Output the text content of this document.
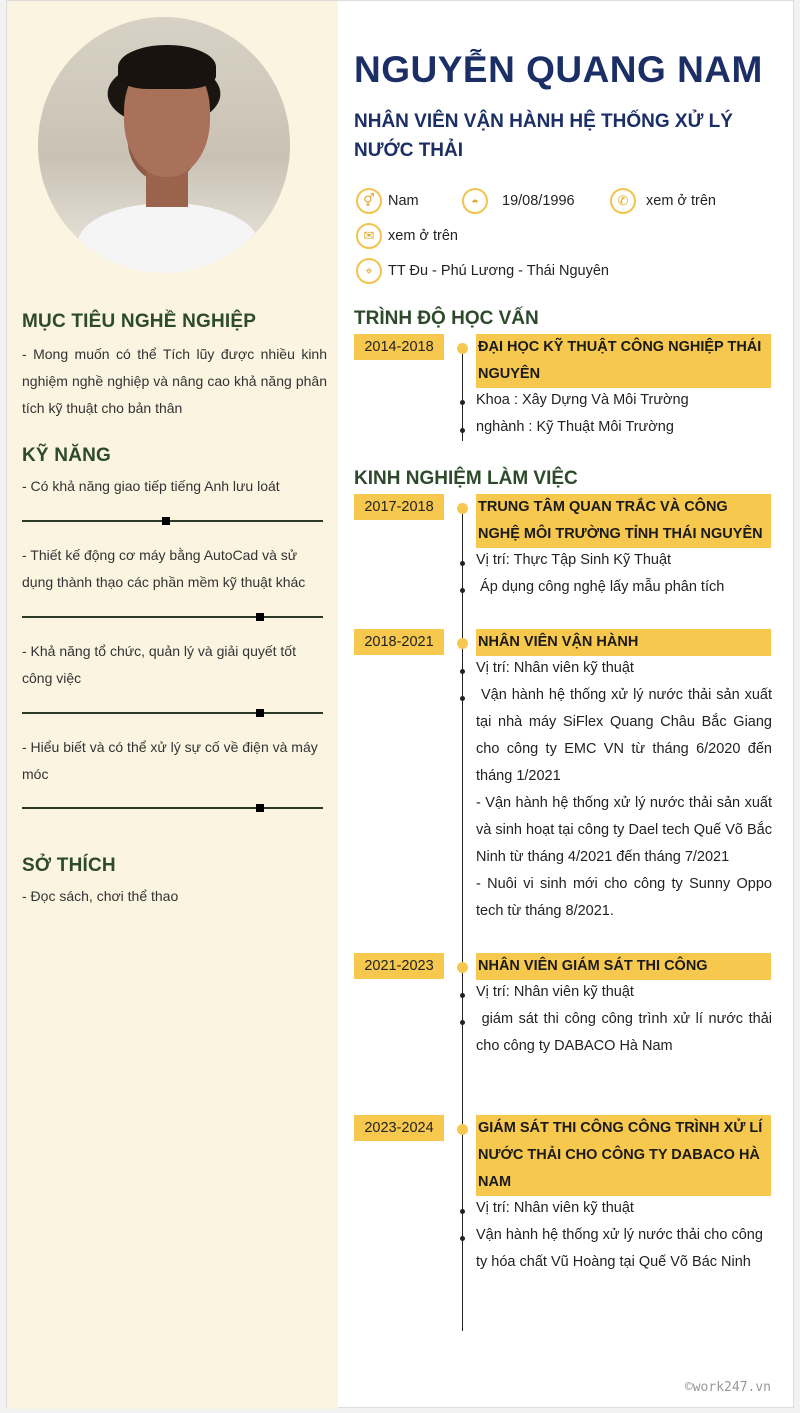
MỤC TIÊU NGHỀ NGHIỆP
- Mong muốn có thể Tích lũy được nhiều kinh nghiệm nghề nghiệp và nâng cao khả năng phân tích kỹ thuật cho bản thân
KỸ NĂNG
- Có khả năng giao tiếp tiếng Anh lưu loát
- Thiết kế động cơ máy bằng AutoCad và sử dụng thành thạo các phần mềm kỹ thuật khác
- Khả năng tổ chức, quản lý và giải quyết tốt công việc
- Hiểu biết và có thể xử lý sự cố về điện và máy móc
SỞ THÍCH
- Đọc sách, chơi thể thao
NGUYỄN QUANG NAM
NHÂN VIÊN VẬN HÀNH HỆ THỐNG XỬ LÝ NƯỚC THẢI
⚥ Nam	◓	19/08/1996	✆	xem ở trên
✉ xem ở trên
⌖	TT Đu - Phú Lương - Thái Nguyên
TRÌNH ĐỘ HỌC VẤN
2014-2018	ĐẠI HỌC KỸ THUẬT CÔNG NGHIỆP THÁI NGUYÊN
Khoa : Xây Dựng Và Môi Trường
nghành : Kỹ Thuật Môi Trường
KINH NGHIỆM LÀM VIỆC
2017-2018	TRUNG TÂM QUAN TRẮC VÀ CÔNG NGHỆ MÔI TRƯỜNG TỈNH THÁI NGUYÊN
Vị trí: Thực Tập Sinh Kỹ Thuật
Áp dụng công nghệ lấy mẫu phân tích
2018-2021	NHÂN VIÊN VẬN HÀNH
Vị trí: Nhân viên kỹ thuật
Vận hành hệ thống xử lý nước thải sản xuất tại nhà máy SiFlex Quang Châu Bắc Giang cho công ty EMC VN từ tháng 6/2020 đến tháng 1/2021
- Vận hành hệ thống xử lý nước thải sản xuất và sinh hoạt tại công ty Dael tech Quế Võ Bắc Ninh từ tháng 4/2021 đến tháng 7/2021
- Nuôi vi sinh mới cho công ty Sunny Oppo tech từ tháng 8/2021.
2021-2023	NHÂN VIÊN GIÁM SÁT THI CÔNG
Vị trí: Nhân viên kỹ thuật
giám sát thi công công trình xử lí nước thải cho công ty DABACO Hà Nam
2023-2024	GIÁM SÁT THI CÔNG CÔNG TRÌNH XỬ LÍ NƯỚC THẢI CHO CÔNG TY DABACO HÀ NAM
Vị trí: Nhân viên kỹ thuật
Vận hành hệ thống xử lý nước thải cho công ty hóa chất Vũ Hoàng tại Quế Võ Bác Ninh
©work247.vn
